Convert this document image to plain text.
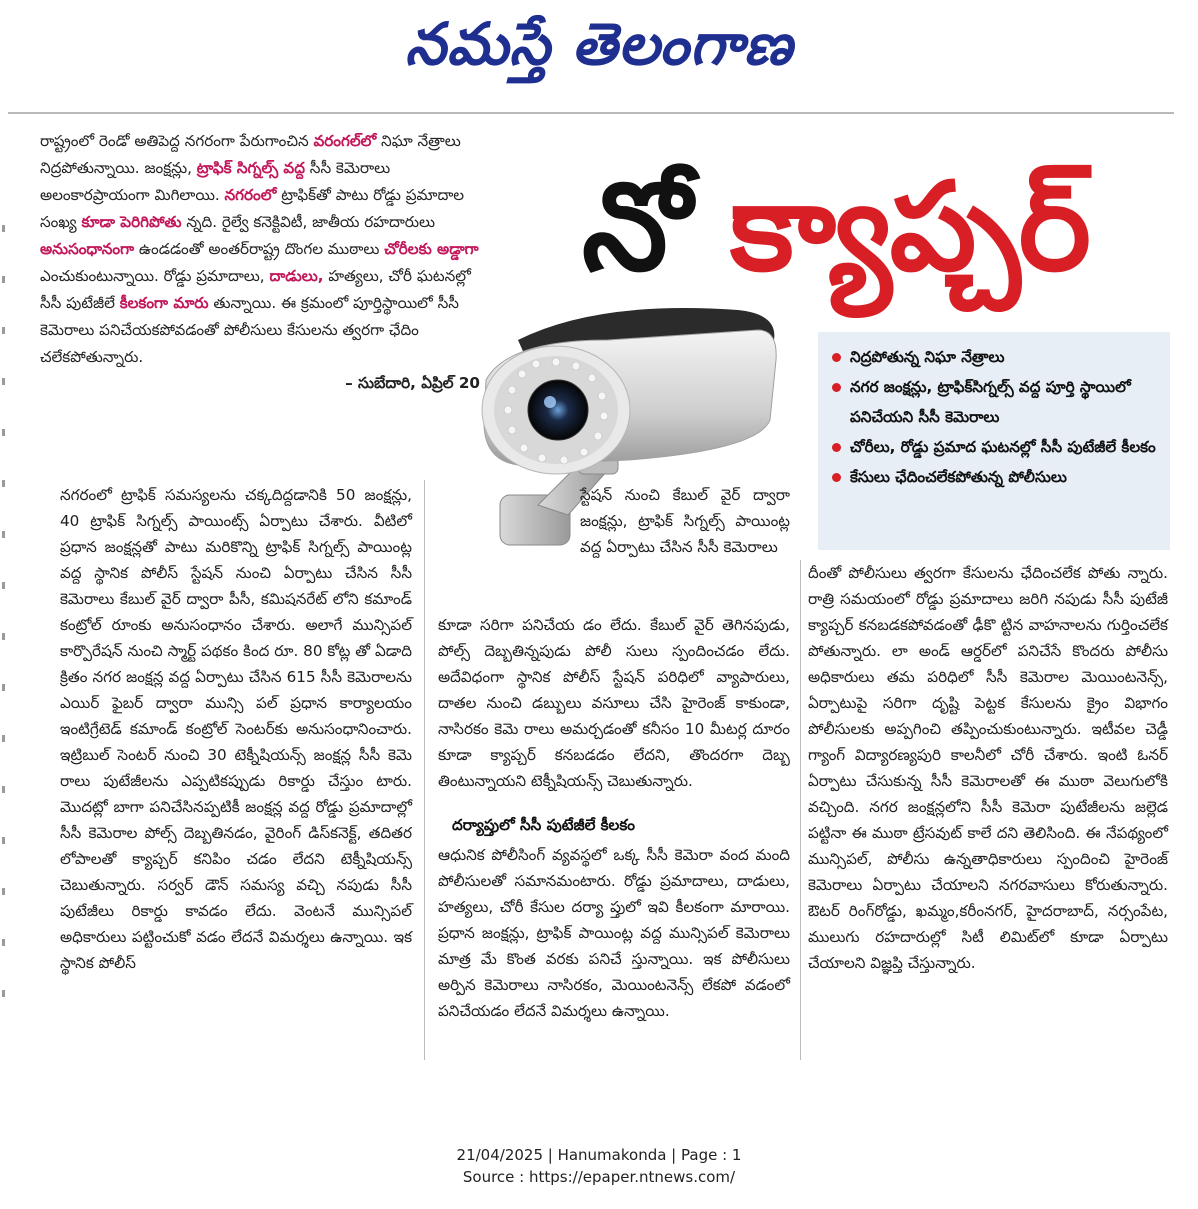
నమస్తే తెలంగాణ
రాష్ట్రంలో రెండో అతిపెద్ద నగరంగా పేరుగాంచిన వరంగల్‌లో నిఘా నేత్రాలు నిద్రపోతున్నాయి. జంక్షన్లు, ట్రాఫిక్ సిగ్నల్స్ వద్ద సీసీ కెమెరాలు అలంకారప్రాయంగా మిగిలాయి. నగరంలో ట్రాఫిక్‌తో పాటు రోడ్డు ప్రమాదాల సంఖ్య కూడా పెరిగిపోతు న్నది. రైల్వే కనెక్టివిటీ, జాతీయ రహదారులు అనుసంధానంగా ఉండడంతో అంతర్‌రాష్ట్ర దొంగల ముఠాలు చోరీలకు అడ్డాగా ఎంచుకుంటున్నాయి. రోడ్డు ప్రమాదాలు, దాడులు, హత్యలు, చోరీ ఘటనల్లో సీసీ పుటేజీలే కీలకంగా మారు తున్నాయి. ఈ క్రమంలో పూర్తిస్థాయిలో సీసీ కెమెరాలు పనిచేయకపోవడంతో పోలీసులు కేసులను త్వరగా ఛేదిం చలేకపోతున్నారు.
– సుబేదారి, ఏప్రిల్ 20
నో క్యాప్చర్
నిద్రపోతున్న నిఘా నేత్రాలు
నగర జంక్షన్లు, ట్రాఫిక్‌సిగ్నల్స్ వద్ద పూర్తి స్థాయిలో పనిచేయని సీసీ కెమెరాలు
చోరీలు, రోడ్డు ప్రమాద ఘటనల్లో సీసీ పుటేజీలే కీలకం
కేసులు ఛేదించలేకపోతున్న పోలీసులు
నగరంలో ట్రాఫిక్ సమస్యలను చక్కదిద్దడానికి 50 జంక్షన్లు, 40 ట్రాఫిక్ సిగ్నల్స్ పాయింట్స్ ఏర్పాటు చేశారు. వీటిలో ప్రధాన జంక్షన్లతో పాటు మరికొన్ని ట్రాఫిక్ సిగ్నల్స్ పాయింట్ల వద్ద స్థానిక పోలీస్ స్టేషన్ నుంచి ఏర్పాటు చేసిన సీసీ కెమెరాలు కేబుల్ వైర్ ద్వారా పీసీ, కమిషనరేట్ లోని కమాండ్ కంట్రోల్ రూంకు అనుసంధానం చేశారు. అలాగే మున్సిపల్ కార్పొరేషన్ నుంచి స్మార్ట్ పథకం కింద రూ. 80 కోట్ల తో ఏడాది క్రితం నగర జంక్షన్ల వద్ద ఏర్పాటు చేసిన 615 సీసీ కెమెరాలను ఎయిర్ ఫైబర్ ద్వారా మున్సి పల్ ప్రధాన కార్యాలయం ఇంటిగ్రేటెడ్ కమాండ్ కంట్రోల్ సెంటర్‌కు అనుసంధానించారు. ఇట్రిబుల్ సెంటర్ నుంచి 30 టెక్నీషియన్స్ జంక్షన్ల సీసీ కెమె రాలు పుటేజీలను ఎప్పటికప్పుడు రికార్డు చేస్తుం టారు. మొదట్లో బాగా పనిచేసినప్పటికీ జంక్షన్ల వద్ద రోడ్డు ప్రమాదాల్లో సీసీ కెమెరాల పోల్స్ దెబ్బతినడం, వైరింగ్ డిస్‌కనెక్ట్, తదితర లోపాలతో క్యాప్చర్ కనిపిం చడం లేదని టెక్నీషియన్స్ చెబుతున్నారు. సర్వర్ డౌన్ సమస్య వచ్చి నపుడు సీసీ పుటేజీలు రికార్డు కావడం లేదు. వెంటనే మున్సిపల్ అధికారులు పట్టించుకో వడం లేదనే విమర్శలు ఉన్నాయి. ఇక స్థానిక పోలీస్
స్టేషన్ నుంచి కేబుల్ వైర్ ద్వారా జంక్షన్లు, ట్రాఫిక్ సిగ్నల్స్ పాయింట్ల వద్ద ఏర్పాటు చేసిన సీసీ కెమెరాలు
కూడా సరిగా పనిచేయ డం లేదు. కేబుల్ వైర్ తెగినపుడు, పోల్స్ దెబ్బతిన్నపుడు పోలీ సులు స్పందించడం లేదు. అదేవిధంగా స్థానిక పోలీస్ స్టేషన్ పరిధిలో వ్యాపారులు, దాతల నుంచి డబ్బులు వసూలు చేసి హైరెంజ్ కాకుండా, నాసిరకం కెమె రాలు అమర్చడంతో కనీసం 10 మీటర్ల దూరం కూడా క్యాప్చర్ కనబడడం లేదని, తొందరగా దెబ్బ తింటున్నాయని టెక్నీషియన్స్ చెబుతున్నారు.
దర్యాప్తులో సీసీ పుటేజీలే కీలకం
ఆధునిక పోలీసింగ్ వ్యవస్థలో ఒక్క సీసీ కెమెరా వంద మంది పోలీసులతో సమానమంటారు. రోడ్డు ప్రమాదాలు, దాడులు, హత్యలు, చోరీ కేసుల దర్యా ప్తులో ఇవి కీలకంగా మారాయి. ప్రధాన జంక్షన్లు, ట్రాఫిక్ పాయింట్ల వద్ద మున్సిపల్ కెమెరాలు మాత్ర మే కొంత వరకు పనిచే స్తున్నాయి. ఇక పోలీసులు అర్పిన కెమెరాలు నాసిరకం, మెయింటనెన్స్ లేకపో వడంలో పనిచేయడం లేదనే విమర్శలు ఉన్నాయి.
దీంతో పోలీసులు త్వరగా కేసులను ఛేదించలేక పోతు న్నారు. రాత్రి సమయంలో రోడ్డు ప్రమాదాలు జరిగి నపుడు సీసీ పుటేజీ క్యాప్చర్ కనబడకపోవడంతో ఢీకొ ట్టిన వాహనాలను గుర్తించలేక పోతున్నారు. లా అండ్ ఆర్డర్‌లో పనిచేసే కొందరు పోలీసు అధికారులు తమ పరిధిలో సీసీ కెమెరాల మెయింటనెన్స్, ఏర్పాటుపై సరిగా దృష్టి పెట్టక కేసులను క్రైం విభాగం పోలీసులకు అప్పగించి తప్పించుకుంటున్నారు. ఇటీవల చెడ్డీ గ్యాంగ్ విద్యారణ్యపురి కాలనీలో చోరీ చేశారు. ఇంటి ఓనర్ ఏర్పాటు చేసుకున్న సీసీ కెమెరాలతో ఈ ముఠా వెలుగులోకి వచ్చింది. నగర జంక్షన్లలోని సీసీ కెమెరా పుటేజీలను జల్లెడ పట్టినా ఈ ముఠా ట్రేసవుట్ కాలే దని తెలిసింది. ఈ నేపథ్యంలో మున్సిపల్, పోలీసు ఉన్నతాధికారులు స్పందించి హైరెంజ్ కెమెరాలు ఏర్పాటు చేయాలని నగరవాసులు కోరుతున్నారు. ఔటర్ రింగ్‌రోడ్డు, ఖమ్మం,కరీంనగర్, హైదరాబాద్, నర్సంపేట, ములుగు రహదారుల్లో సిటీ లిమిట్‌లో కూడా ఏర్పాటు చేయాలని విజ్ఞప్తి చేస్తున్నారు.
21/04/2025 | Hanumakonda | Page : 1
Source : https://epaper.ntnews.com/
